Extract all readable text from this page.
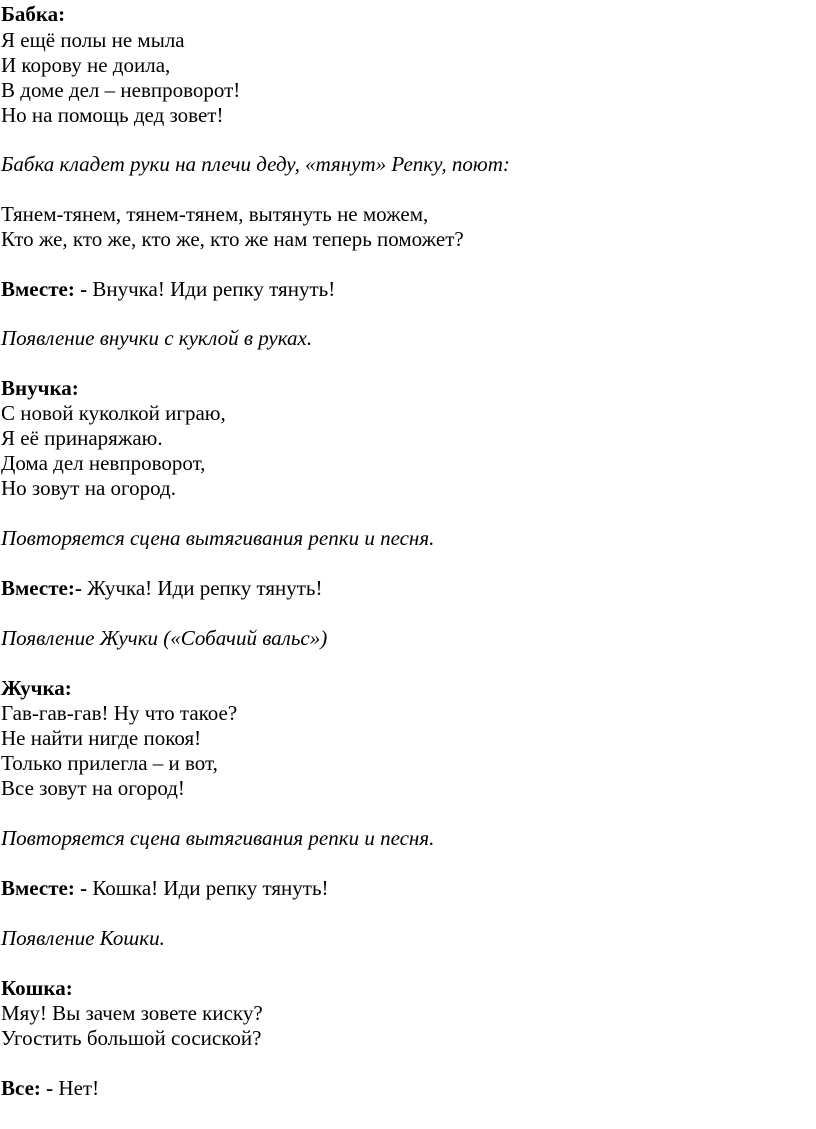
Бабка:
Я ещё полы не мыла
И корову не доила,
В доме дел – невпроворот!
Но на помощь дед зовет!
Бабка кладет руки на плечи деду, «тянут» Репку, поют:
Тянем-тянем, тянем-тянем, вытянуть не можем,
Кто же, кто же, кто же, кто же нам теперь поможет?
Вместе: - Внучка! Иди репку тянуть!
Появление внучки с куклой в руках.
Внучка:
С новой куколкой играю,
Я её принаряжаю.
Дома дел невпроворот,
Но зовут на огород.
Повторяется сцена вытягивания репки и песня.
Вместе:- Жучка! Иди репку тянуть!
Появление Жучки («Собачий вальс»)
Жучка:
Гав-гав-гав! Ну что такое?
Не найти нигде покоя!
Только прилегла – и вот,
Все зовут на огород!
Повторяется сцена вытягивания репки и песня.
Вместе: - Кошка! Иди репку тянуть!
Появление Кошки.
Кошка:
Мяу! Вы зачем зовете киску?
Угостить большой сосиской?
Все: - Нет!
